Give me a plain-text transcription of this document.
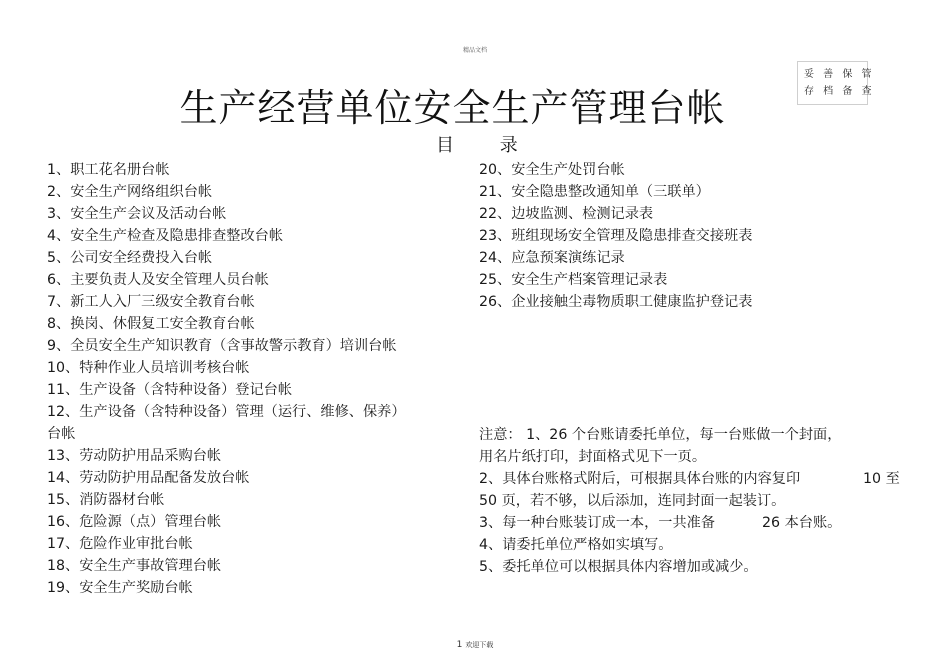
精品文档
妥 善 保 管
存 档 备 查
生产经营单位安全生产管理台帐
目 录
1、职工花名册台帐
2、安全生产网络组织台帐
3、安全生产会议及活动台帐
4、安全生产检查及隐患排查整改台帐
5、公司安全经费投入台帐
6、主要负责人及安全管理人员台帐
7、新工人入厂三级安全教育台帐
8、换岗、休假复工安全教育台帐
9、全员安全生产知识教育（含事故警示教育）培训台帐
10、特种作业人员培训考核台帐
11、生产设备（含特种设备）登记台帐
12、生产设备（含特种设备）管理（运行、维修、保养）
台帐
13、劳动防护用品采购台帐
14、劳动防护用品配备发放台帐
15、消防器材台帐
16、危险源（点）管理台帐
17、危险作业审批台帐
18、安全生产事故管理台帐
19、安全生产奖励台帐
20、安全生产处罚台帐
21、安全隐患整改通知单（三联单）
22、边坡监测、检测记录表
23、班组现场安全管理及隐患排查交接班表
24、应急预案演练记录
25、安全生产档案管理记录表
26、企业接触尘毒物质职工健康监护登记表
注意： 1、26 个台账请委托单位，每一台账做一个封面，
用名片纸打印，封面格式见下一页。
2、具体台账格式附后，可根据具体台账的内容复印	10 至
50 页，若不够，以后添加，连同封面一起装订。
3、每一种台账装订成一本，一共准备	26 本台账。
4、请委托单位严格如实填写。
5、委托单位可以根据具体内容增加或减少。
1 欢迎下载
